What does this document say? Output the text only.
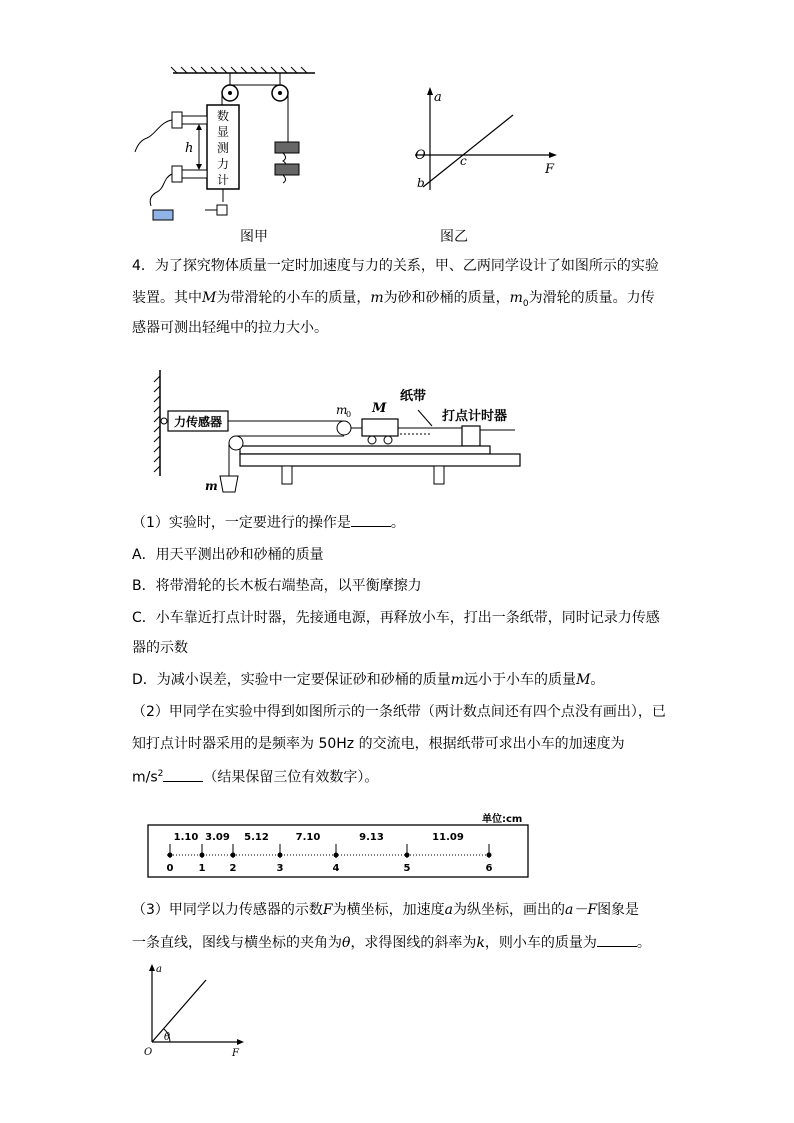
数
显
测
力
计
h
图甲
a
F
O	c
b
图乙
4．为了探究物体质量一定时加速度与力的关系，甲、乙两同学设计了如图所示的实验
装置。其中M为带滑轮的小车的质量，m为砂和砂桶的质量，$m_0$为滑轮的质量。力传
感器可测出轻绳中的拉力大小。
力传感器
m
0 M
纸带
打点计时器
m
（1）实验时，一定要进行的操作是	。
A．用天平测出砂和砂桶的质量
B．将带滑轮的长木板右端垫高，以平衡摩擦力
C．小车靠近打点计时器，先接通电源，再释放小车，打出一条纸带，同时记录力传感
器的示数
D．为减小误差，实验中一定要保证砂和砂桶的质量m远小于小车的质量M。
（2）甲同学在实验中得到如图所示的一条纸带（两计数点间还有四个点没有画出），已
知打点计时器采用的是频率为 50Hz 的交流电，根据纸带可求出小车的加速度为
$m/s^2$	（结果保留三位有效数字）。
单位:cm
0	1 2	3	4	5	6
1.10 3.09 5.12	7.10	9.13	11.09
（3）甲同学以力传感器的示数F为横坐标，加速度a为纵坐标，画出的a－F图象是
一条直线，图线与横坐标的夹角为θ，求得图线的斜率为k，则小车的质量为	。
a
F
O
θ
